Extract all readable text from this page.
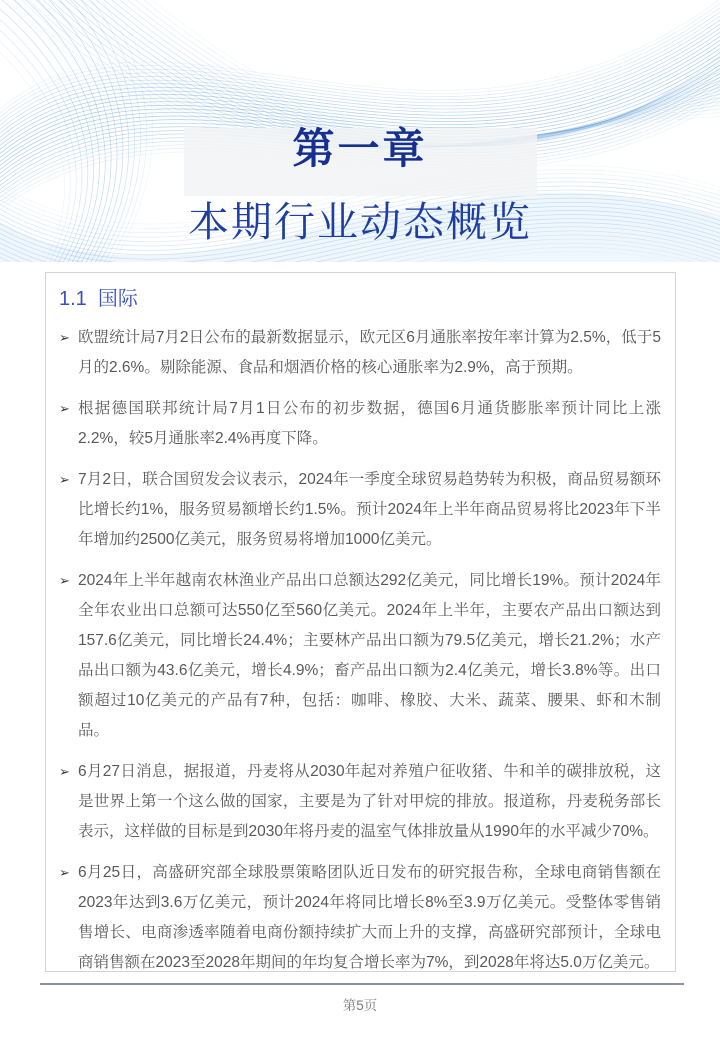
第一章
本期行业动态概览
1.1  国际
➢ 欧盟统计局7月2日公布的最新数据显示，欧元区6月通胀率按年率计算为2.5%，低于5月的2.6%。剔除能源、食品和烟酒价格的核心通胀率为2.9%，高于预期。
➢ 根据德国联邦统计局7月1日公布的初步数据，德国6月通货膨胀率预计同比上涨2.2%，较5月通胀率2.4%再度下降。
➢ 7月2日，联合国贸发会议表示，2024年一季度全球贸易趋势转为积极，商品贸易额环比增长约1%，服务贸易额增长约1.5%。预计2024年上半年商品贸易将比2023年下半年增加约2500亿美元，服务贸易将增加1000亿美元。
➢ 2024年上半年越南农林渔业产品出口总额达292亿美元，同比增长19%。预计2024年全年农业出口总额可达550亿至560亿美元。2024年上半年，主要农产品出口额达到157.6亿美元，同比增长24.4%；主要林产品出口额为79.5亿美元，增长21.2%；水产品出口额为43.6亿美元，增长4.9%；畜产品出口额为2.4亿美元，增长3.8%等。出口额超过10亿美元的产品有7种，包括：咖啡、橡胶、大米、蔬菜、腰果、虾和木制品。
➢ 6月27日消息，据报道，丹麦将从2030年起对养殖户征收猪、牛和羊的碳排放税，这是世界上第一个这么做的国家，主要是为了针对甲烷的排放。报道称，丹麦税务部长表示，这样做的目标是到2030年将丹麦的温室气体排放量从1990年的水平减少70%。
➢ 6月25日，高盛研究部全球股票策略团队近日发布的研究报告称，全球电商销售额在2023年达到3.6万亿美元，预计2024年将同比增长8%至3.9万亿美元。受整体零售销售增长、电商渗透率随着电商份额持续扩大而上升的支撑，高盛研究部预计，全球电商销售额在2023至2028年期间的年均复合增长率为7%，到2028年将达5.0万亿美元。
第5页
